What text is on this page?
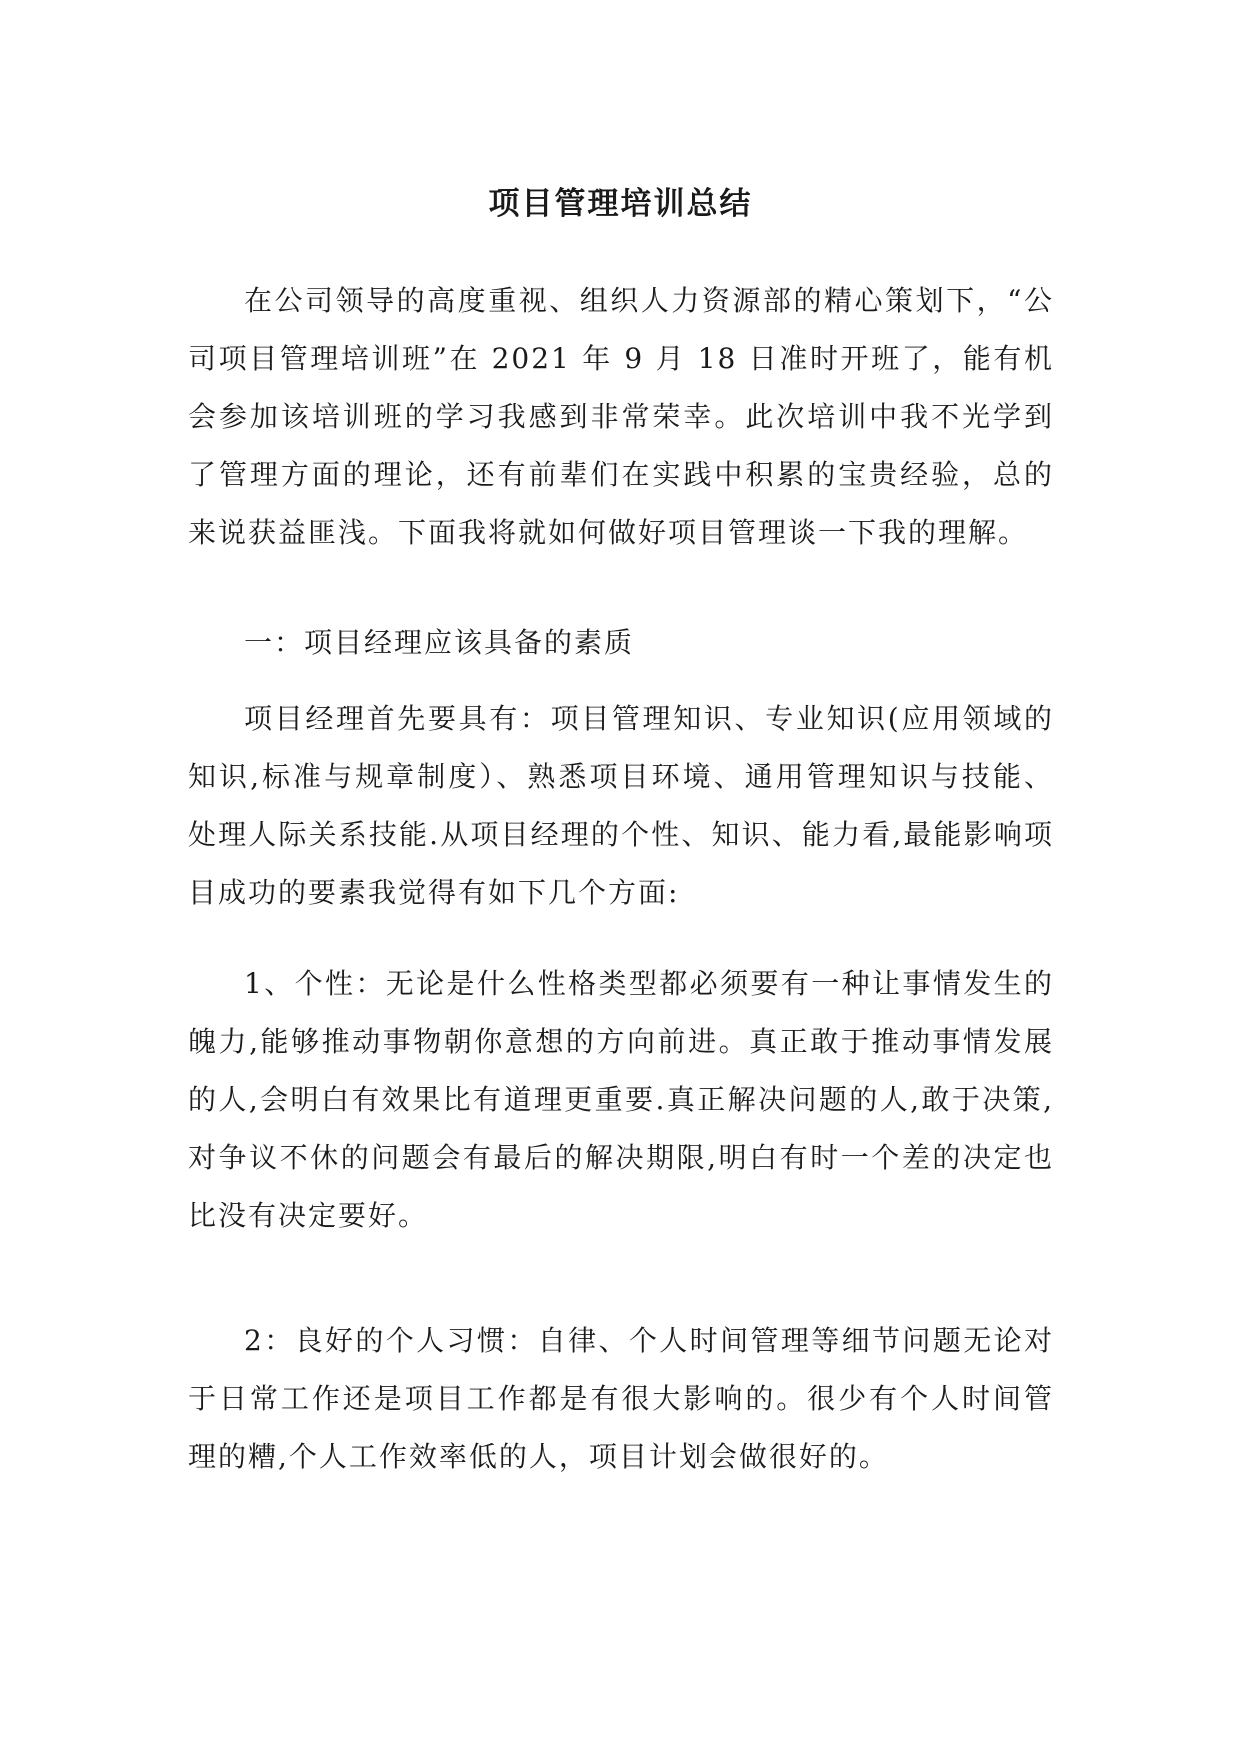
项目管理培训总结

在公司领导的高度重视、组织人力资源部的精心策划下，“公司项目管理培训班”在 2021 年 9 月 18 日准时开班了，能有机会参加该培训班的学习我感到非常荣幸。此次培训中我不光学到了管理方面的理论，还有前辈们在实践中积累的宝贵经验，总的来说获益匪浅。下面我将就如何做好项目管理谈一下我的理解。

一：项目经理应该具备的素质

项目经理首先要具有：项目管理知识、专业知识(应用领域的知识,标准与规章制度）、熟悉项目环境、通用管理知识与技能、处理人际关系技能.从项目经理的个性、知识、能力看,最能影响项目成功的要素我觉得有如下几个方面:

1、个性：无论是什么性格类型都必须要有一种让事情发生的魄力,能够推动事物朝你意想的方向前进。真正敢于推动事情发展的人,会明白有效果比有道理更重要.真正解决问题的人,敢于决策,对争议不休的问题会有最后的解决期限,明白有时一个差的决定也比没有决定要好。

2：良好的个人习惯：自律、个人时间管理等细节问题无论对于日常工作还是项目工作都是有很大影响的。很少有个人时间管理的糟,个人工作效率低的人，项目计划会做很好的。
